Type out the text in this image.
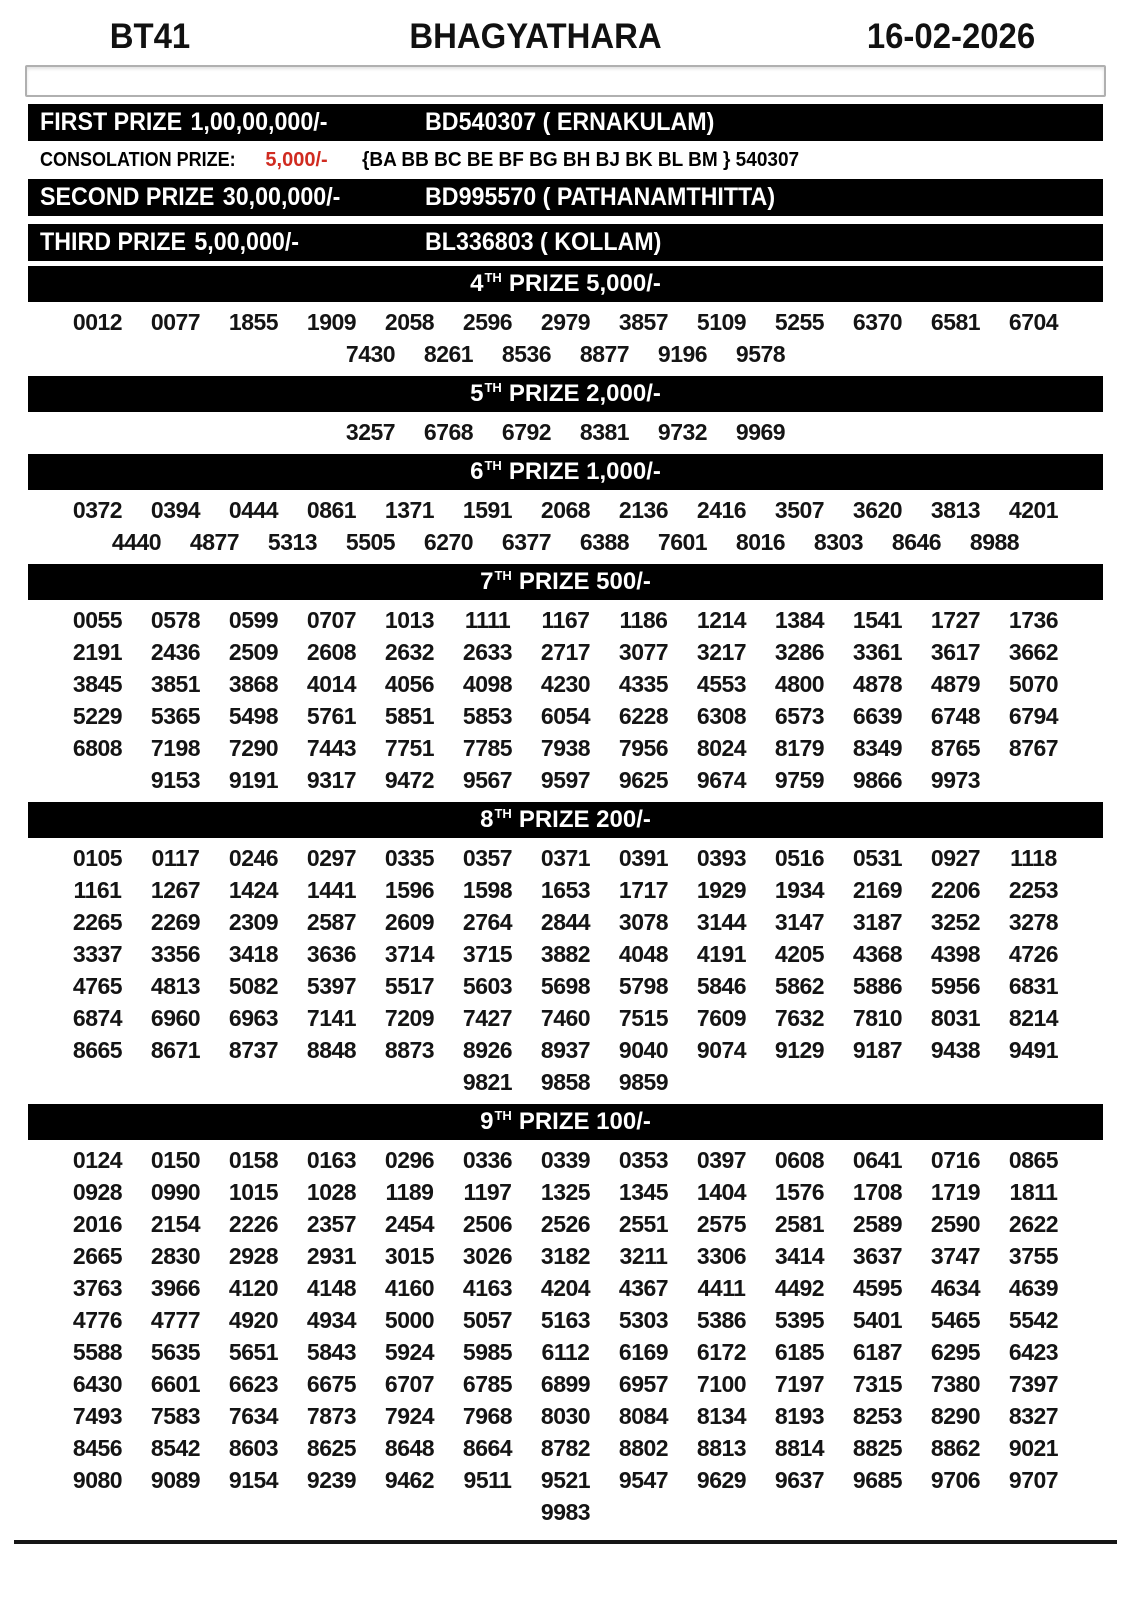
BT41	BHAGYATHARA	16-02-2026
FIRST PRIZE 1,00,00,000/-	BD540307 ( ERNAKULAM)
CONSOLATION PRIZE: 5,000/- {BA BB BC BE BF BG BH BJ BK BL BM } 540307
SECOND PRIZE 30,00,000/-	BD995570 ( PATHANAMTHITTA)
THIRD PRIZE 5,00,000/-	BL336803 ( KOLLAM)
4TH PRIZE 5,000/-
0012	0077	1855	1909	2058	2596	2979	3857	5109	5255	6370	6581	6704
7430	8261	8536	8877	9196	9578
5TH PRIZE 2,000/-
3257	6768	6792	8381	9732	9969
6TH PRIZE 1,000/-
0372	0394	0444	0861	1371	1591	2068	2136	2416	3507	3620	3813	4201
4440	4877	5313	5505	6270	6377	6388	7601	8016	8303	8646	8988
7TH PRIZE 500/-
0055	0578	0599	0707	1013	1111	1167	1186	1214	1384	1541	1727	1736
2191	2436	2509	2608	2632	2633	2717	3077	3217	3286	3361	3617	3662
3845	3851	3868	4014	4056	4098	4230	4335	4553	4800	4878	4879	5070
5229	5365	5498	5761	5851	5853	6054	6228	6308	6573	6639	6748	6794
6808	7198	7290	7443	7751	7785	7938	7956	8024	8179	8349	8765	8767
9153	9191	9317	9472	9567	9597	9625	9674	9759	9866	9973
8TH PRIZE 200/-
0105	0117	0246	0297	0335	0357	0371	0391	0393	0516	0531	0927	1118
1161	1267	1424	1441	1596	1598	1653	1717	1929	1934	2169	2206	2253
2265	2269	2309	2587	2609	2764	2844	3078	3144	3147	3187	3252	3278
3337	3356	3418	3636	3714	3715	3882	4048	4191	4205	4368	4398	4726
4765	4813	5082	5397	5517	5603	5698	5798	5846	5862	5886	5956	6831
6874	6960	6963	7141	7209	7427	7460	7515	7609	7632	7810	8031	8214
8665	8671	8737	8848	8873	8926	8937	9040	9074	9129	9187	9438	9491
9821	9858	9859
9TH PRIZE 100/-
0124	0150	0158	0163	0296	0336	0339	0353	0397	0608	0641	0716	0865
0928	0990	1015	1028	1189	1197	1325	1345	1404	1576	1708	1719	1811
2016	2154	2226	2357	2454	2506	2526	2551	2575	2581	2589	2590	2622
2665	2830	2928	2931	3015	3026	3182	3211	3306	3414	3637	3747	3755
3763	3966	4120	4148	4160	4163	4204	4367	4411	4492	4595	4634	4639
4776	4777	4920	4934	5000	5057	5163	5303	5386	5395	5401	5465	5542
5588	5635	5651	5843	5924	5985	6112	6169	6172	6185	6187	6295	6423
6430	6601	6623	6675	6707	6785	6899	6957	7100	7197	7315	7380	7397
7493	7583	7634	7873	7924	7968	8030	8084	8134	8193	8253	8290	8327
8456	8542	8603	8625	8648	8664	8782	8802	8813	8814	8825	8862	9021
9080	9089	9154	9239	9462	9511	9521	9547	9629	9637	9685	9706	9707
9983
